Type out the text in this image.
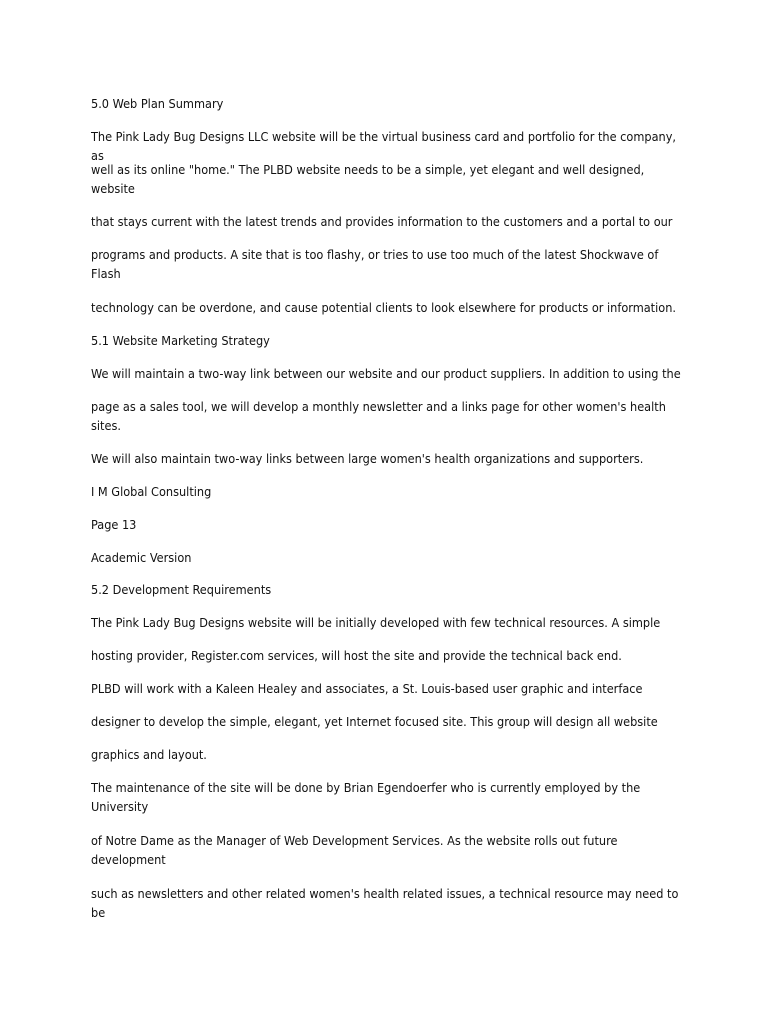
5.0 Web Plan Summary

The Pink Lady Bug Designs LLC website will be the virtual business card and portfolio for the company, as

well as its online "home." The PLBD website needs to be a simple, yet elegant and well designed, website

that stays current with the latest trends and provides information to the customers and a portal to our

programs and products. A site that is too flashy, or tries to use too much of the latest Shockwave of Flash

technology can be overdone, and cause potential clients to look elsewhere for products or information.

5.1 Website Marketing Strategy

We will maintain a two-way link between our website and our product suppliers. In addition to using the

page as a sales tool, we will develop a monthly newsletter and a links page for other women's health sites.

We will also maintain two-way links between large women's health organizations and supporters.

I M Global Consulting

Page 13

Academic Version

5.2 Development Requirements

The Pink Lady Bug Designs website will be initially developed with few technical resources. A simple

hosting provider, Register.com services, will host the site and provide the technical back end.

PLBD will work with a Kaleen Healey and associates, a St. Louis-based user graphic and interface

designer to develop the simple, elegant, yet Internet focused site. This group will design all website

graphics and layout.

The maintenance of the site will be done by Brian Egendoerfer who is currently employed by the University

of Notre Dame as the Manager of Web Development Services. As the website rolls out future development

such as newsletters and other related women's health related issues, a technical resource may need to be
